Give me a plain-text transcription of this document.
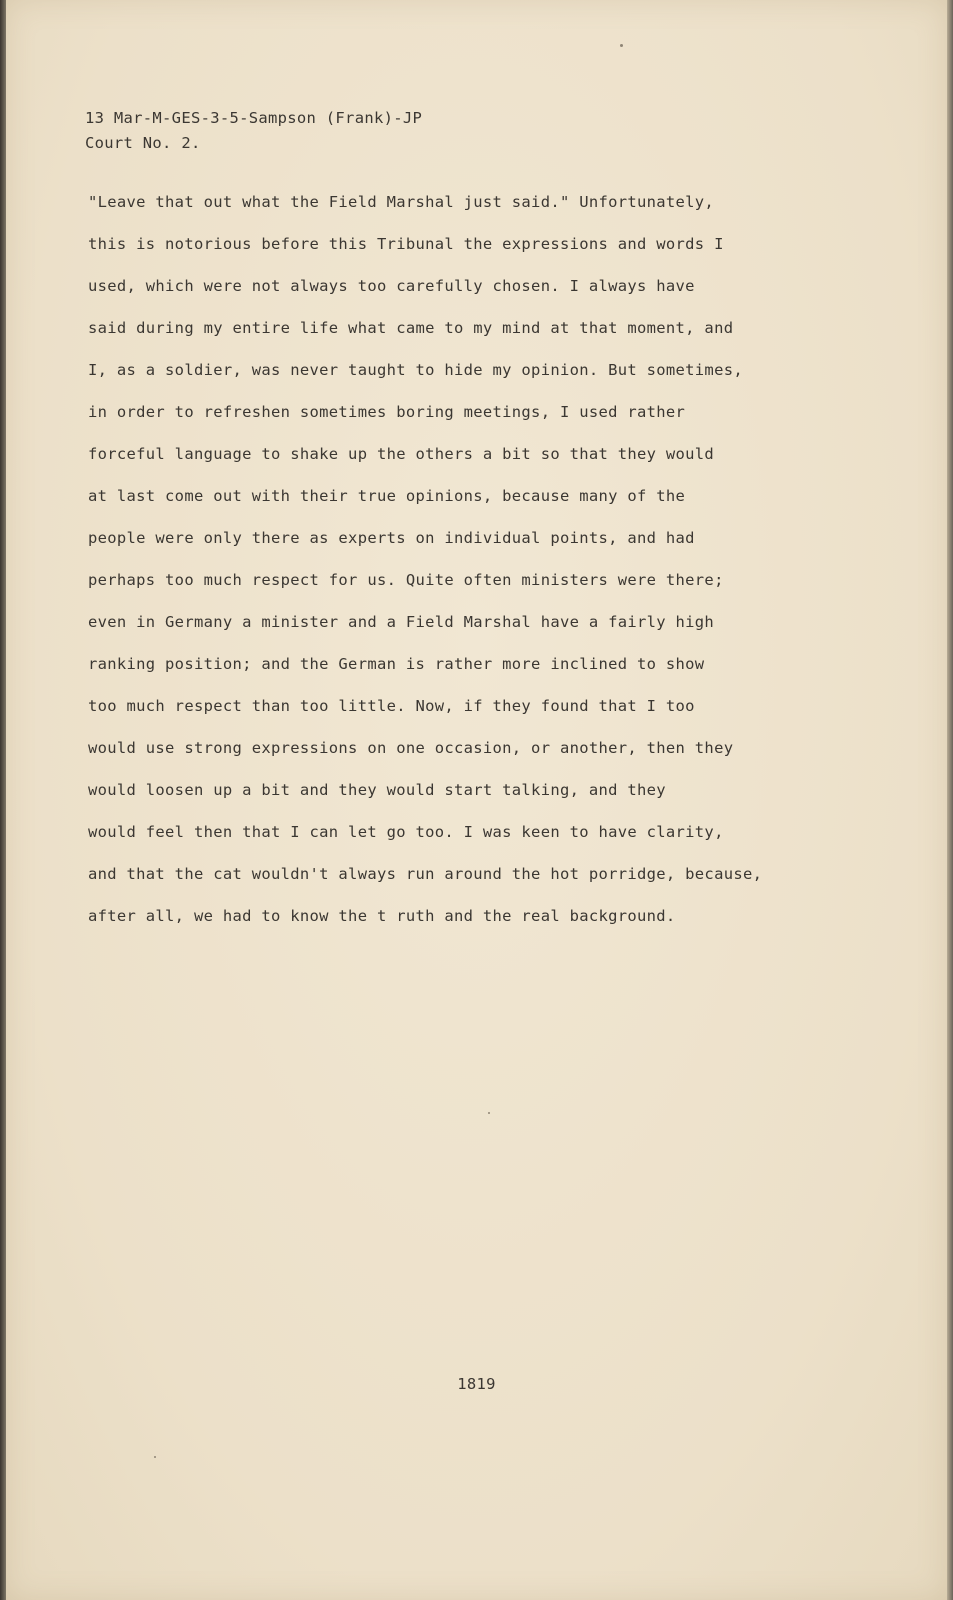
13 Mar-M-GES-3-5-Sampson (Frank)-JP
Court No. 2.
"Leave that out what the Field Marshal just said." Unfortunately,
this is notorious before this Tribunal the expressions and words I
used, which were not always too carefully chosen. I always have
said during my entire life what came to my mind at that moment, and
I, as a soldier, was never taught to hide my opinion. But sometimes,
in order to refreshen sometimes boring meetings, I used rather
forceful language to shake up the others a bit so that they would
at last come out with their true opinions, because many of the
people were only there as experts on individual points, and had
perhaps too much respect for us. Quite often ministers were there;
even in Germany a minister and a Field Marshal have a fairly high
ranking position; and the German is rather more inclined to show
too much respect than too little. Now, if they found that I too
would use strong expressions on one occasion, or another, then they
would loosen up a bit and they would start talking, and they
would feel then that I can let go too. I was keen to have clarity,
and that the cat wouldn't always run around the hot porridge, because,
after all, we had to know the t ruth and the real background.
1819
